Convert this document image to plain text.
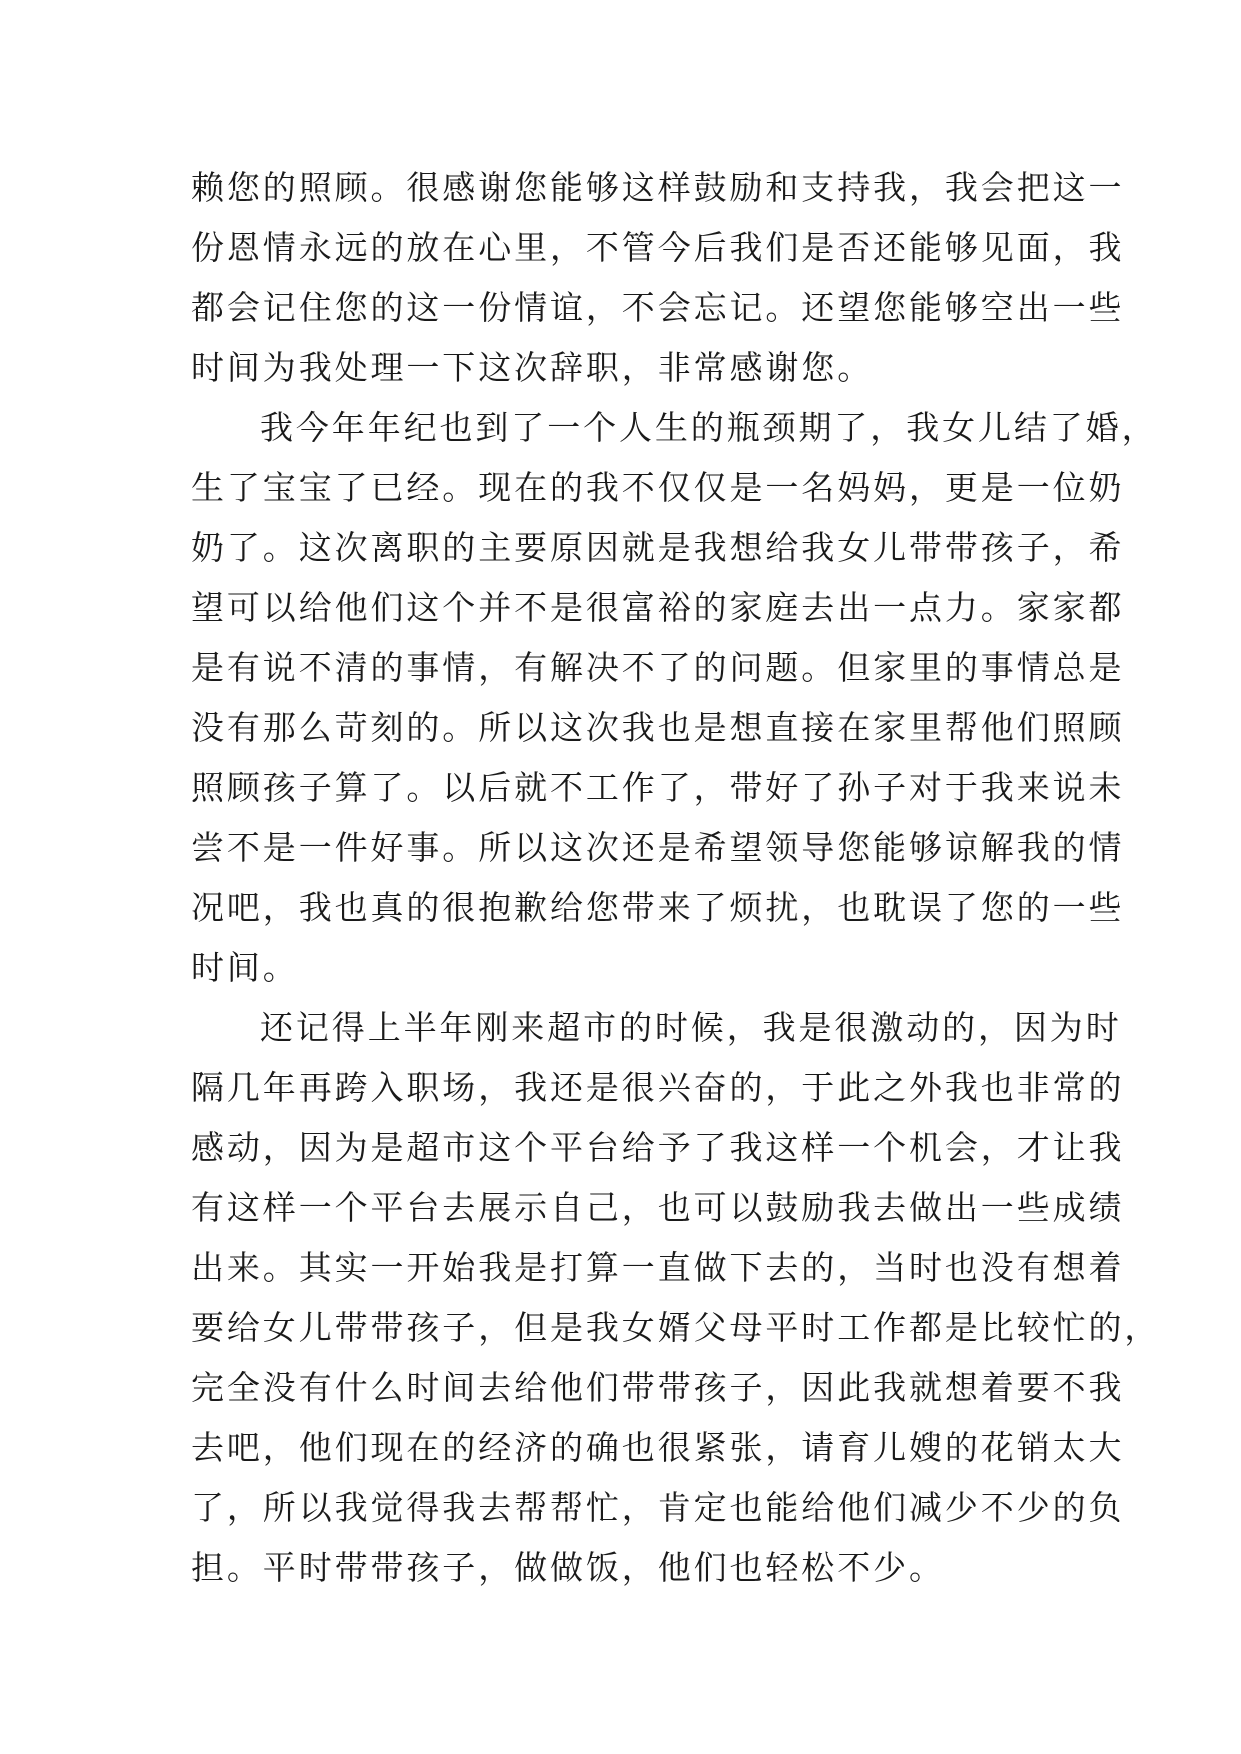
赖您的照顾。很感谢您能够这样鼓励和支持我，我会把这一
份恩情永远的放在心里，不管今后我们是否还能够见面，我
都会记住您的这一份情谊，不会忘记。还望您能够空出一些
时间为我处理一下这次辞职，非常感谢您。

我今年年纪也到了一个人生的瓶颈期了，我女儿结了婚，
生了宝宝了已经。现在的我不仅仅是一名妈妈，更是一位奶
奶了。这次离职的主要原因就是我想给我女儿带带孩子，希
望可以给他们这个并不是很富裕的家庭去出一点力。家家都
是有说不清的事情，有解决不了的问题。但家里的事情总是
没有那么苛刻的。所以这次我也是想直接在家里帮他们照顾
照顾孩子算了。以后就不工作了，带好了孙子对于我来说未
尝不是一件好事。所以这次还是希望领导您能够谅解我的情
况吧，我也真的很抱歉给您带来了烦扰，也耽误了您的一些
时间。

还记得上半年刚来超市的时候，我是很激动的，因为时
隔几年再跨入职场，我还是很兴奋的，于此之外我也非常的
感动，因为是超市这个平台给予了我这样一个机会，才让我
有这样一个平台去展示自己，也可以鼓励我去做出一些成绩
出来。其实一开始我是打算一直做下去的，当时也没有想着
要给女儿带带孩子，但是我女婿父母平时工作都是比较忙的，
完全没有什么时间去给他们带带孩子，因此我就想着要不我
去吧，他们现在的经济的确也很紧张，请育儿嫂的花销太大
了，所以我觉得我去帮帮忙，肯定也能给他们减少不少的负
担。平时带带孩子，做做饭，他们也轻松不少。
